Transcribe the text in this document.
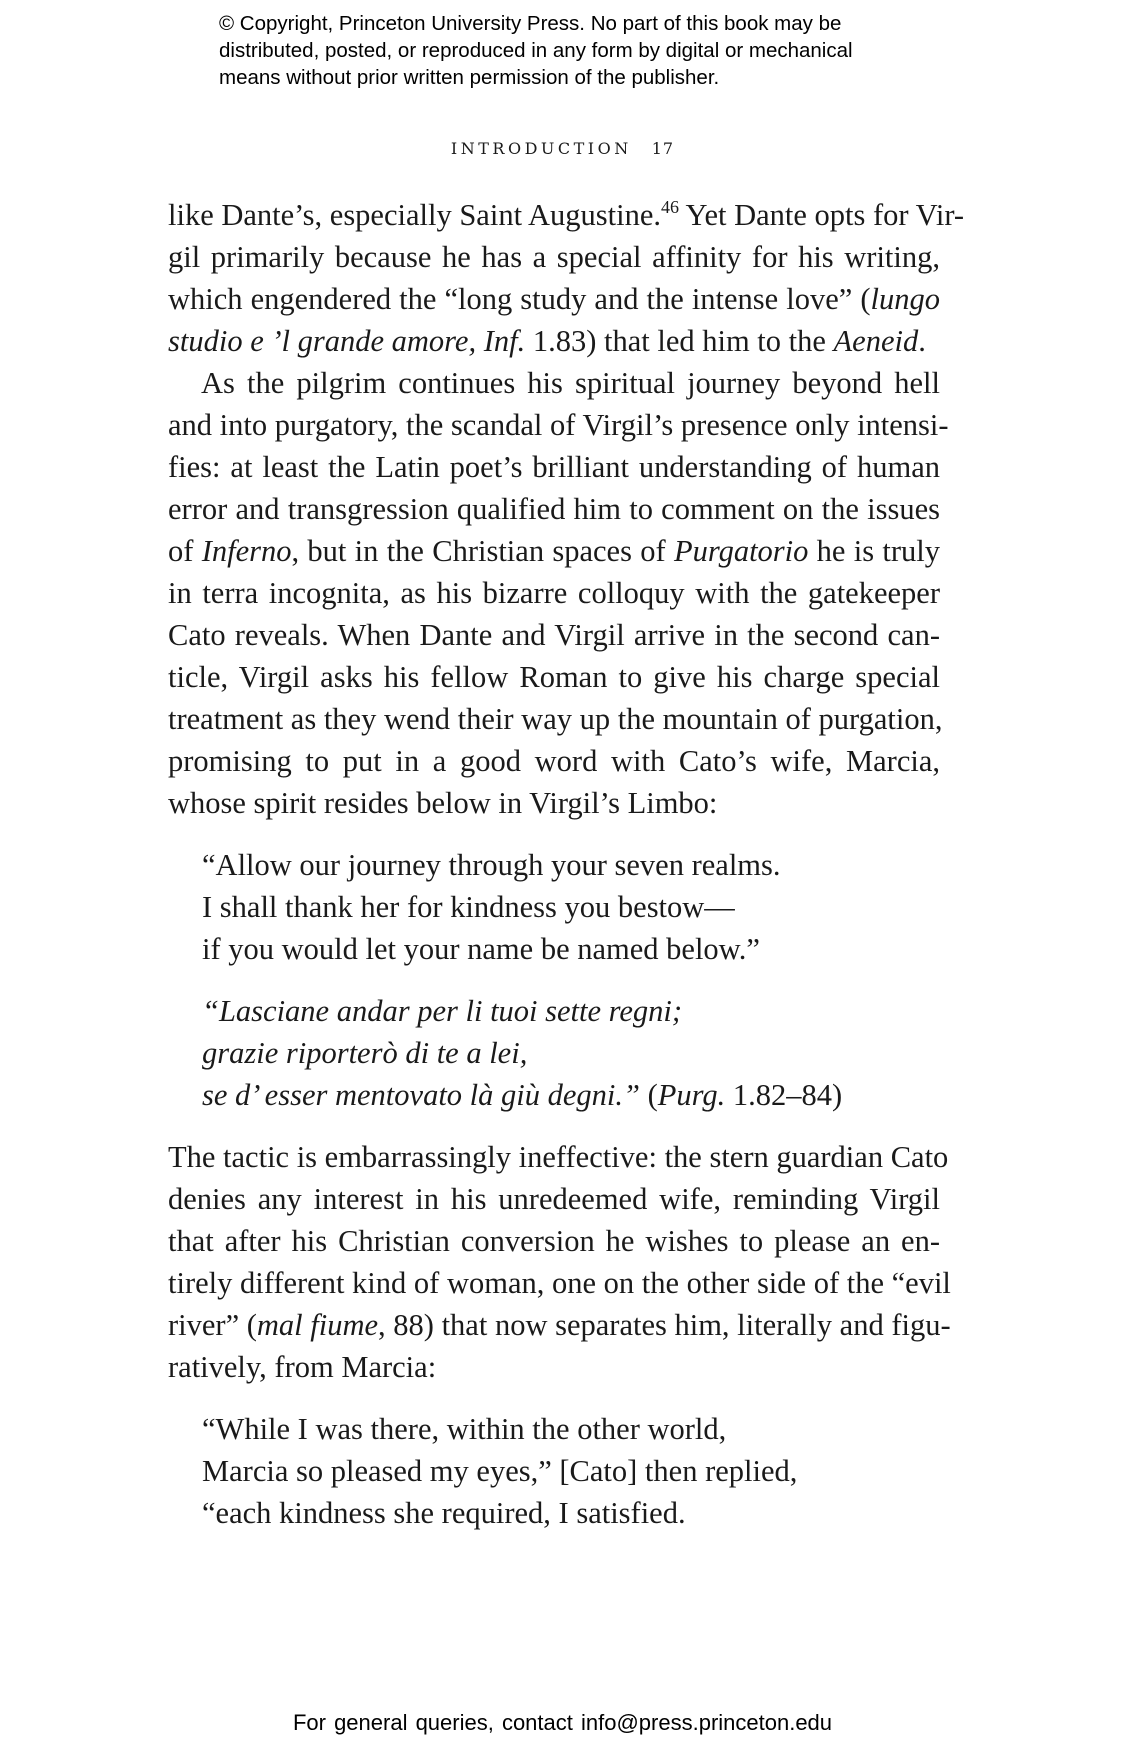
© Copyright, Princeton University Press. No part of this book may be
distributed, posted, or reproduced in any form by digital or mechanical
means without prior written permission of the publisher.
INTRODUCTION 17

like Dante’s, especially Saint Augustine.$^{46}$ Yet Dante opts for Vir-
gil primarily because he has a special affinity for his writing,
which engendered the “long study and the intense love” (lungo
studio e ’l grande amore, Inf. 1.83) that led him to the Aeneid.

As the pilgrim continues his spiritual journey beyond hell
and into purgatory, the scandal of Virgil’s presence only intensi-
fies: at least the Latin poet’s brilliant understanding of human
error and transgression qualified him to comment on the issues
of Inferno, but in the Christian spaces of Purgatorio he is truly
in terra incognita, as his bizarre colloquy with the gatekeeper
Cato reveals. When Dante and Virgil arrive in the second can-
ticle, Virgil asks his fellow Roman to give his charge special
treatment as they wend their way up the mountain of purgation,
promising to put in a good word with Cato’s wife, Marcia,
whose spirit resides below in Virgil’s Limbo:

“Allow our journey through your seven realms.
I shall thank her for kindness you bestow—
if you would let your name be named below.”
“Lasciane andar per li tuoi sette regni;
grazie riporterò di te a lei,
se d’ esser mentovato là giù degni.” (Purg. 1.82–84)

The tactic is embarrassingly ineffective: the stern guardian Cato
denies any interest in his unredeemed wife, reminding Virgil
that after his Christian conversion he wishes to please an en-
tirely different kind of woman, one on the other side of the “evil
river” (mal fiume, 88) that now separates him, literally and figu-
ratively, from Marcia:

“While I was there, within the other world,
Marcia so pleased my eyes,” [Cato] then replied,
“each kindness she required, I satisfied.
For general queries, contact info@press.princeton.edu
